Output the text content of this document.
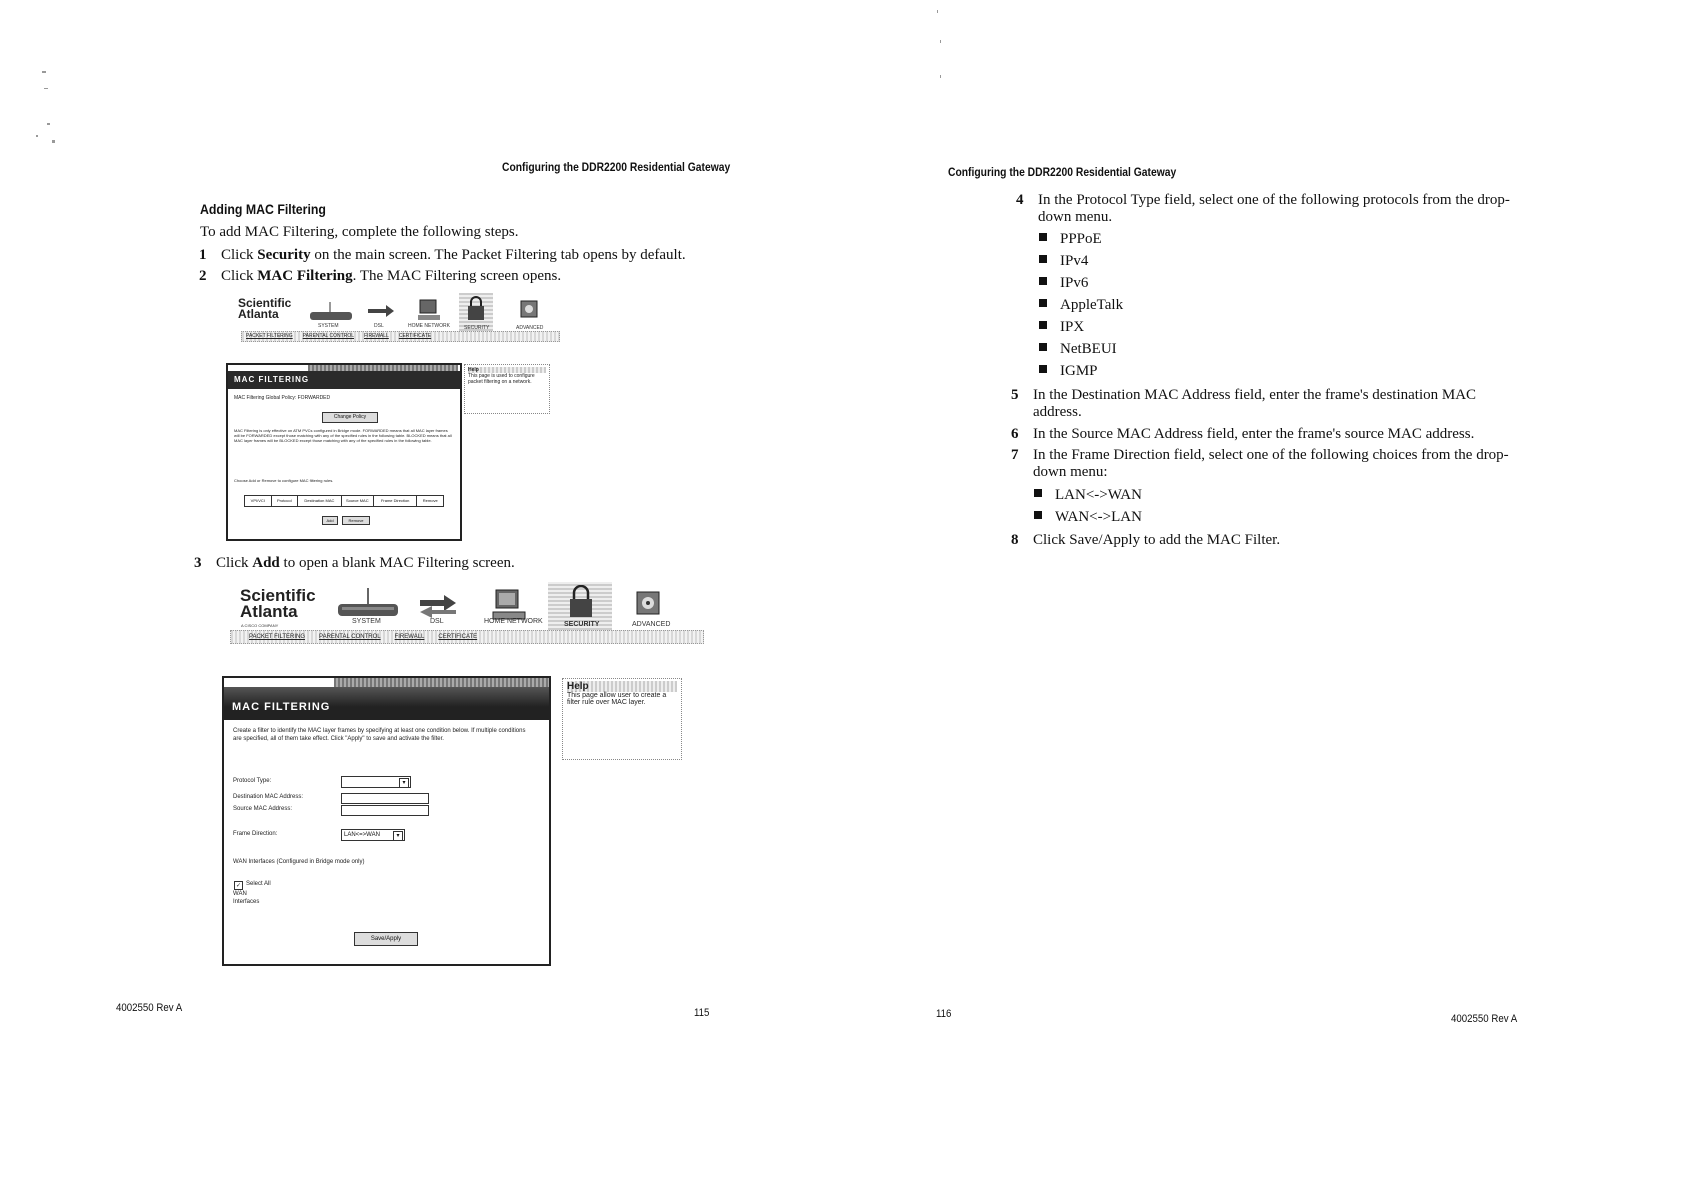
Configuring the DDR2200 Residential Gateway
Adding MAC Filtering
To add MAC Filtering, complete the following steps.
1 Click Security on the main screen. The Packet Filtering tab opens by default.
2 Click MAC Filtering. The MAC Filtering screen opens.
Scientific Atlanta
SYSTEM	DSL	HOME NETWORK	SECURITY	ADVANCED
PACKET FILTERING PARENTAL CONTROL FIREWALL CERTIFICATE
MAC FILTERING
MAC Filtering Global Policy: FORWARDED
Change Policy
MAC Filtering is only effective on ATM PVCs configured in Bridge mode. FORWARDED means that all MAC layer frames will be FORWARDED except those matching with any of the specified rules in the following table. BLOCKED means that all MAC layer frames will be BLOCKED except those matching with any of the specified rules in the following table.
Choose Add or Remove to configure MAC filtering rules.
VPI/VCI	Protocol	Destination MAC	Source MAC	Frame Direction	Remove
Add	Remove
Help
This page is used to configure packet filtering on a network.
3 Click Add to open a blank MAC Filtering screen.
Scientific Atlanta
A CISCO COMPANY
SYSTEM	DSL	HOME NETWORK	SECURITY	ADVANCED
PACKET FILTERING PARENTAL CONTROL FIREWALL CERTIFICATE
MAC FILTERING
Create a filter to identify the MAC layer frames by specifying at least one condition below. If multiple conditions are specified, all of them take effect. Click "Apply" to save and activate the filter.
Protocol Type:	▾
Destination MAC Address:
Source MAC Address:
Frame Direction:	LAN<=>WAN	▾
WAN Interfaces (Configured in Bridge mode only)
✓ Select All
WAN Interfaces
Save/Apply
Help
This page allow user to create a filter rule over MAC layer.
4002550 Rev A	115
Configuring the DDR2200 Residential Gateway
4 In the Protocol Type field, select one of the following protocols from the drop-down menu.
PPPoE
IPv4
IPv6
AppleTalk
IPX
NetBEUI
IGMP
5 In the Destination MAC Address field, enter the frame's destination MAC address.
6 In the Source MAC Address field, enter the frame's source MAC address.
7 In the Frame Direction field, select one of the following choices from the drop-down menu:
LAN<->WAN
WAN<->LAN
8 Click Save/Apply to add the MAC Filter.
116	4002550 Rev A
